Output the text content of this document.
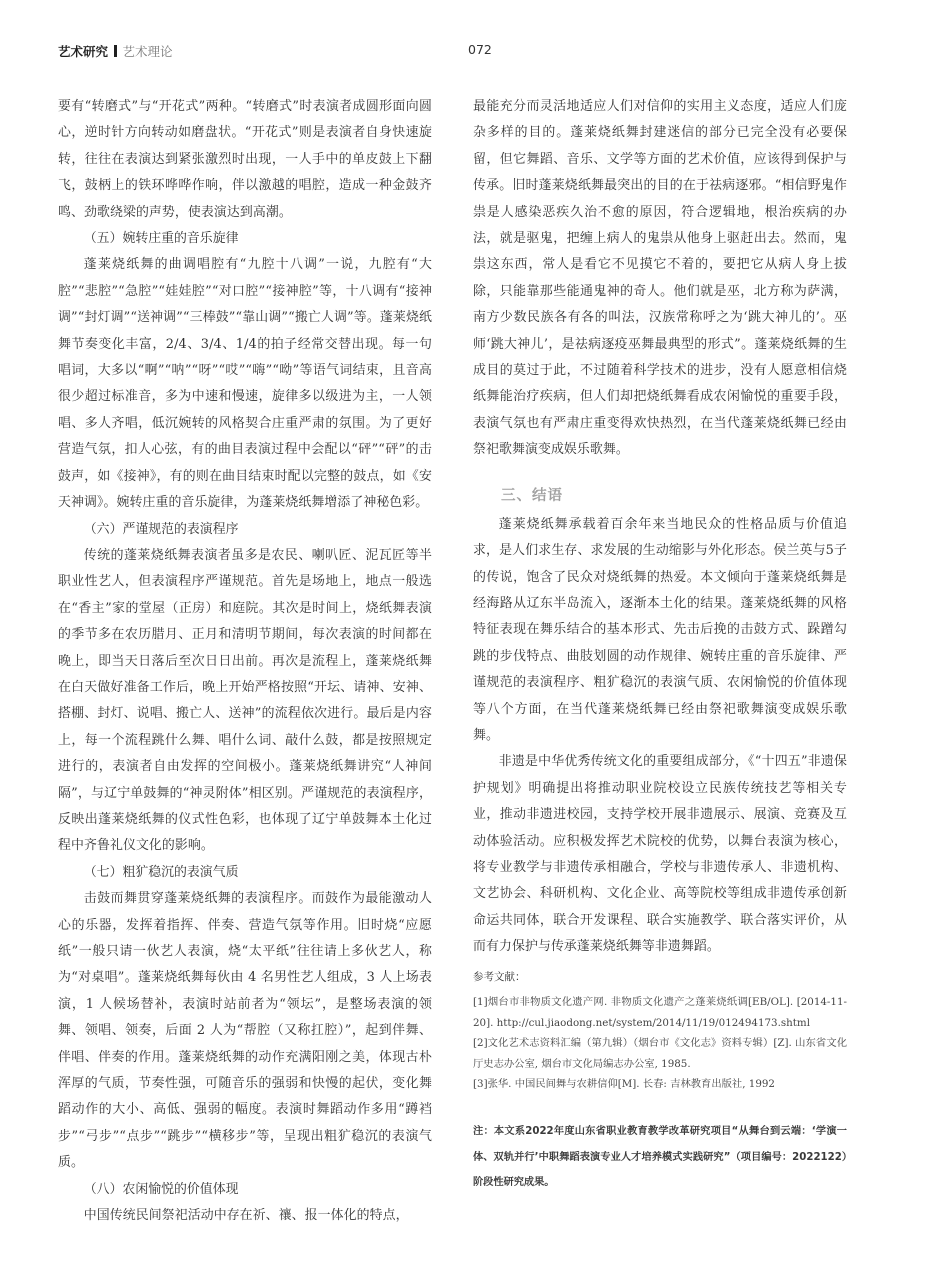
艺术研究 艺术理论	072

要有“转磨式”与“开花式”两种。“转磨式”时表演者成圆形面向圆心，逆时针方向转动如磨盘状。“开花式”则是表演者自身快速旋转，往往在表演达到紧张激烈时出现，一人手中的单皮鼓上下翻飞，鼓柄上的铁环哗哗作响，伴以激越的唱腔，造成一种金鼓齐鸣、劲歌绕梁的声势，使表演达到高潮。

（五）婉转庄重的音乐旋律

蓬莱烧纸舞的曲调唱腔有“九腔十八调”一说，九腔有“大腔”“悲腔”“急腔”“娃娃腔”“对口腔”“接神腔”等，十八调有“接神调”“封灯调”“送神调”“三棒鼓”“靠山调”“搬亡人调”等。蓬莱烧纸舞节奏变化丰富，2/4、3/4、1/4的拍子经常交替出现。每一句唱词，大多以“啊”“呐”“呀”“哎”“嗨”“呦”等语气词结束，且音高很少超过标准音，多为中速和慢速，旋律多以级进为主，一人领唱、多人齐唱，低沉婉转的风格契合庄重严肃的氛围。为了更好营造气氛，扣人心弦，有的曲目表演过程中会配以“砰”“砰”的击鼓声，如《接神》，有的则在曲目结束时配以完整的鼓点，如《安天神调》。婉转庄重的音乐旋律，为蓬莱烧纸舞增添了神秘色彩。

（六）严谨规范的表演程序

传统的蓬莱烧纸舞表演者虽多是农民、喇叭匠、泥瓦匠等半职业性艺人，但表演程序严谨规范。首先是场地上，地点一般选在“香主”家的堂屋（正房）和庭院。其次是时间上，烧纸舞表演的季节多在农历腊月、正月和清明节期间，每次表演的时间都在晚上，即当天日落后至次日日出前。再次是流程上，蓬莱烧纸舞在白天做好准备工作后，晚上开始严格按照“开坛、请神、安神、搭棚、封灯、说唱、搬亡人、送神”的流程依次进行。最后是内容上，每一个流程跳什么舞、唱什么词、敲什么鼓，都是按照规定进行的，表演者自由发挥的空间极小。蓬莱烧纸舞讲究“人神间隔”，与辽宁单鼓舞的“神灵附体”相区别。严谨规范的表演程序，反映出蓬莱烧纸舞的仪式性色彩，也体现了辽宁单鼓舞本土化过程中齐鲁礼仪文化的影响。

（七）粗犷稳沉的表演气质

击鼓而舞贯穿蓬莱烧纸舞的表演程序。而鼓作为最能激动人心的乐器，发挥着指挥、伴奏、营造气氛等作用。旧时烧“应愿纸”一般只请一伙艺人表演，烧“太平纸”往往请上多伙艺人，称为“对桌唱”。蓬莱烧纸舞每伙由 4 名男性艺人组成，3 人上场表演，1 人候场替补，表演时站前者为“领坛”，是整场表演的领舞、领唱、领奏，后面 2 人为“帮腔（又称扛腔）”，起到伴舞、伴唱、伴奏的作用。蓬莱烧纸舞的动作充满阳刚之美，体现古朴浑厚的气质，节奏性强，可随音乐的强弱和快慢的起伏，变化舞蹈动作的大小、高低、强弱的幅度。表演时舞蹈动作多用“蹲裆步”“弓步”“点步”“跳步”“横移步”等，呈现出粗犷稳沉的表演气质。

（八）农闲愉悦的价值体现

中国传统民间祭祀活动中存在祈、禳、报一体化的特点，

最能充分而灵活地适应人们对信仰的实用主义态度，适应人们庞杂多样的目的。蓬莱烧纸舞封建迷信的部分已完全没有必要保留，但它舞蹈、音乐、文学等方面的艺术价值，应该得到保护与传承。旧时蓬莱烧纸舞最突出的目的在于祛病逐邪。“相信野鬼作祟是人感染恶疾久治不愈的原因，符合逻辑地，根治疾病的办法，就是驱鬼，把缠上病人的鬼祟从他身上驱赶出去。然而，鬼祟这东西，常人是看它不见摸它不着的，要把它从病人身上拔除，只能靠那些能通鬼神的奇人。他们就是巫，北方称为萨满，南方少数民族各有各的叫法，汉族常称呼之为‘跳大神儿的’。巫师‘跳大神儿’，是祛病逐疫巫舞最典型的形式”。蓬莱烧纸舞的生成目的莫过于此，不过随着科学技术的进步，没有人愿意相信烧纸舞能治疗疾病，但人们却把烧纸舞看成农闲愉悦的重要手段，表演气氛也有严肃庄重变得欢快热烈，在当代蓬莱烧纸舞已经由祭祀歌舞演变成娱乐歌舞。

三、结语

蓬莱烧纸舞承载着百余年来当地民众的性格品质与价值追求，是人们求生存、求发展的生动缩影与外化形态。侯兰英与5子的传说，饱含了民众对烧纸舞的热爱。本文倾向于蓬莱烧纸舞是经海路从辽东半岛流入，逐渐本土化的结果。蓬莱烧纸舞的风格特征表现在舞乐结合的基本形式、先击后挽的击鼓方式、跺蹭勾跳的步伐特点、曲肢划圆的动作规律、婉转庄重的音乐旋律、严谨规范的表演程序、粗犷稳沉的表演气质、农闲愉悦的价值体现等八个方面，在当代蓬莱烧纸舞已经由祭祀歌舞演变成娱乐歌舞。

非遗是中华优秀传统文化的重要组成部分，《“十四五”非遗保护规划》明确提出将推动职业院校设立民族传统技艺等相关专业，推动非遗进校园，支持学校开展非遗展示、展演、竞赛及互动体验活动。应积极发挥艺术院校的优势，以舞台表演为核心，将专业教学与非遗传承相融合，学校与非遗传承人、非遗机构、文艺协会、科研机构、文化企业、高等院校等组成非遗传承创新命运共同体，联合开发课程、联合实施教学、联合落实评价，从而有力保护与传承蓬莱烧纸舞等非遗舞蹈。

参考文献：

[1]烟台市非物质文化遗产网. 非物质文化遗产之蓬莱烧纸调[EB/OL]. [2014-11-20]. http://cul.jiaodong.net/system/2014/11/19/012494173.shtml

[2]文化艺术志资料汇编（第九辑）（烟台市《文化志》资料专辑）[Z]. 山东省文化厅史志办公室, 烟台市文化局编志办公室, 1985.

[3]张华. 中国民间舞与农耕信仰[M]. 长春: 吉林教育出版社, 1992

注：本文系2022年度山东省职业教育教学改革研究项目“从舞台到云端：‘学演一体、双轨并行’中职舞蹈表演专业人才培养模式实践研究”（项目编号：2022122）阶段性研究成果。
